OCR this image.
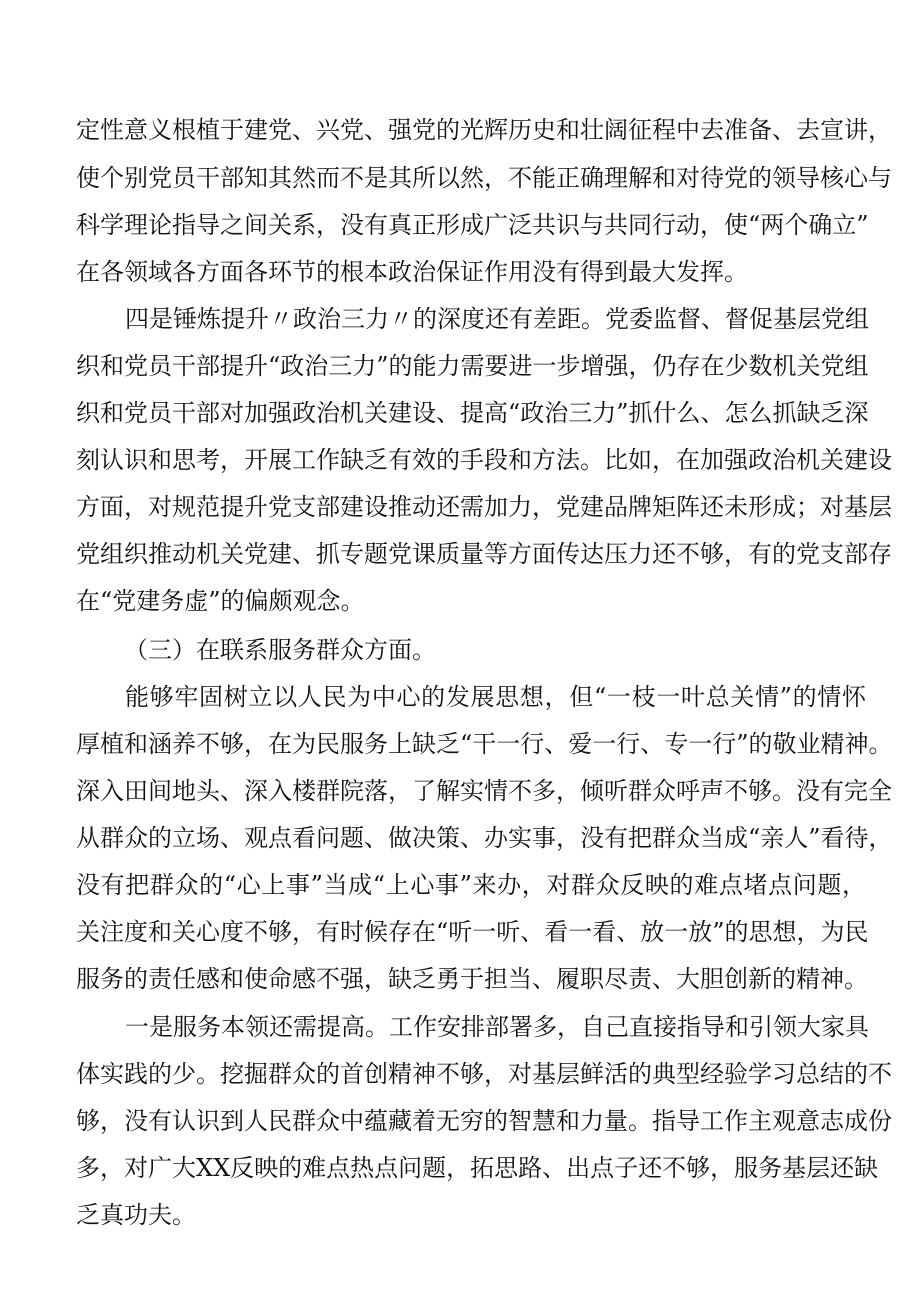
定性意义根植于建党、兴党、强党的光辉历史和壮阔征程中去准备、去宣讲，
使个别党员干部知其然而不是其所以然，不能正确理解和对待党的领导核心与
科学理论指导之间关系，没有真正形成广泛共识与共同行动，使“两个确立”
在各领域各方面各环节的根本政治保证作用没有得到最大发挥。
四是锤炼提升〃政治三力〃的深度还有差距。党委监督、督促基层党组
织和党员干部提升“政治三力”的能力需要进一步增强，仍存在少数机关党组
织和党员干部对加强政治机关建设、提高“政治三力”抓什么、怎么抓缺乏深
刻认识和思考，开展工作缺乏有效的手段和方法。比如，在加强政治机关建设
方面，对规范提升党支部建设推动还需加力，党建品牌矩阵还未形成；对基层
党组织推动机关党建、抓专题党课质量等方面传达压力还不够，有的党支部存
在“党建务虚”的偏颇观念。
（三）在联系服务群众方面。
能够牢固树立以人民为中心的发展思想，但“一枝一叶总关情”的情怀
厚植和涵养不够，在为民服务上缺乏“干一行、爱一行、专一行”的敬业精神。
深入田间地头、深入楼群院落，了解实情不多，倾听群众呼声不够。没有完全
从群众的立场、观点看问题、做决策、办实事，没有把群众当成“亲人”看待，
没有把群众的“心上事”当成“上心事”来办，对群众反映的难点堵点问题，
关注度和关心度不够，有时候存在“听一听、看一看、放一放”的思想，为民
服务的责任感和使命感不强，缺乏勇于担当、履职尽责、大胆创新的精神。
一是服务本领还需提高。工作安排部署多，自己直接指导和引领大家具
体实践的少。挖掘群众的首创精神不够，对基层鲜活的典型经验学习总结的不
够，没有认识到人民群众中蕴藏着无穷的智慧和力量。指导工作主观意志成份
多，对广大XX反映的难点热点问题，拓思路、出点子还不够，服务基层还缺
乏真功夫。
